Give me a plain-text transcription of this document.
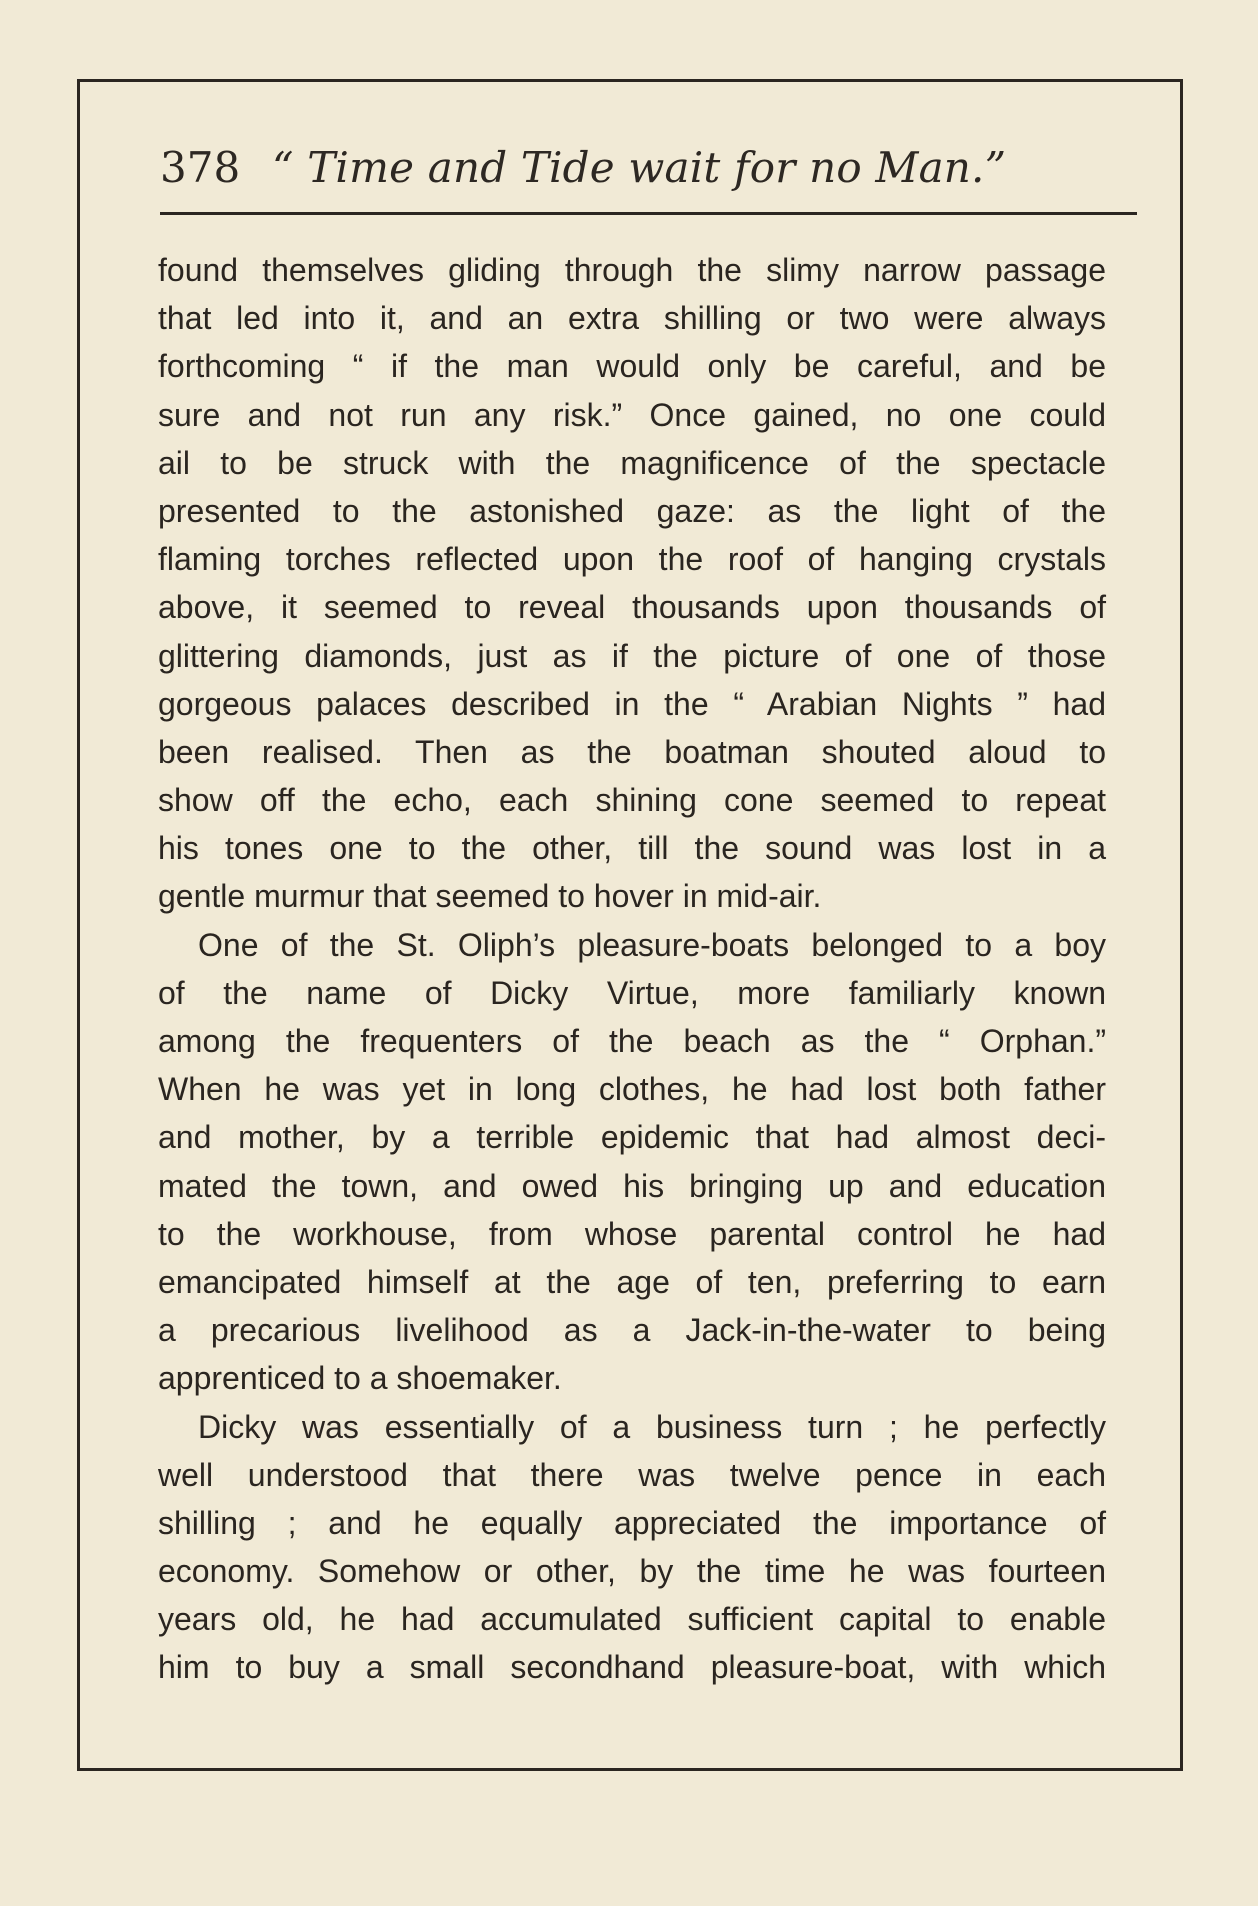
378 “ Time and Tide wait for no Man.”
found themselves gliding through the slimy narrow passage
that led into it, and an extra shilling or two were always
forthcoming “ if the man would only be careful, and be
sure and not run any risk.” Once gained, no one could
ail to be struck with the magnificence of the spectacle
presented to the astonished gaze: as the light of the
flaming torches reflected upon the roof of hanging crystals
above, it seemed to reveal thousands upon thousands of
glittering diamonds, just as if the picture of one of those
gorgeous palaces described in the “ Arabian Nights ” had
been realised. Then as the boatman shouted aloud to
show off the echo, each shining cone seemed to repeat
his tones one to the other, till the sound was lost in a
gentle murmur that seemed to hover in mid-air.
One of the St. Oliph’s pleasure-boats belonged to a boy
of the name of Dicky Virtue, more familiarly known
among the frequenters of the beach as the “ Orphan.”
When he was yet in long clothes, he had lost both father
and mother, by a terrible epidemic that had almost deci-
mated the town, and owed his bringing up and education
to the workhouse, from whose parental control he had
emancipated himself at the age of ten, preferring to earn
a precarious livelihood as a Jack-in-the-water to being
apprenticed to a shoemaker.
Dicky was essentially of a business turn ; he perfectly
well understood that there was twelve pence in each
shilling ; and he equally appreciated the importance of
economy. Somehow or other, by the time he was fourteen
years old, he had accumulated sufficient capital to enable
him to buy a small secondhand pleasure-boat, with which
